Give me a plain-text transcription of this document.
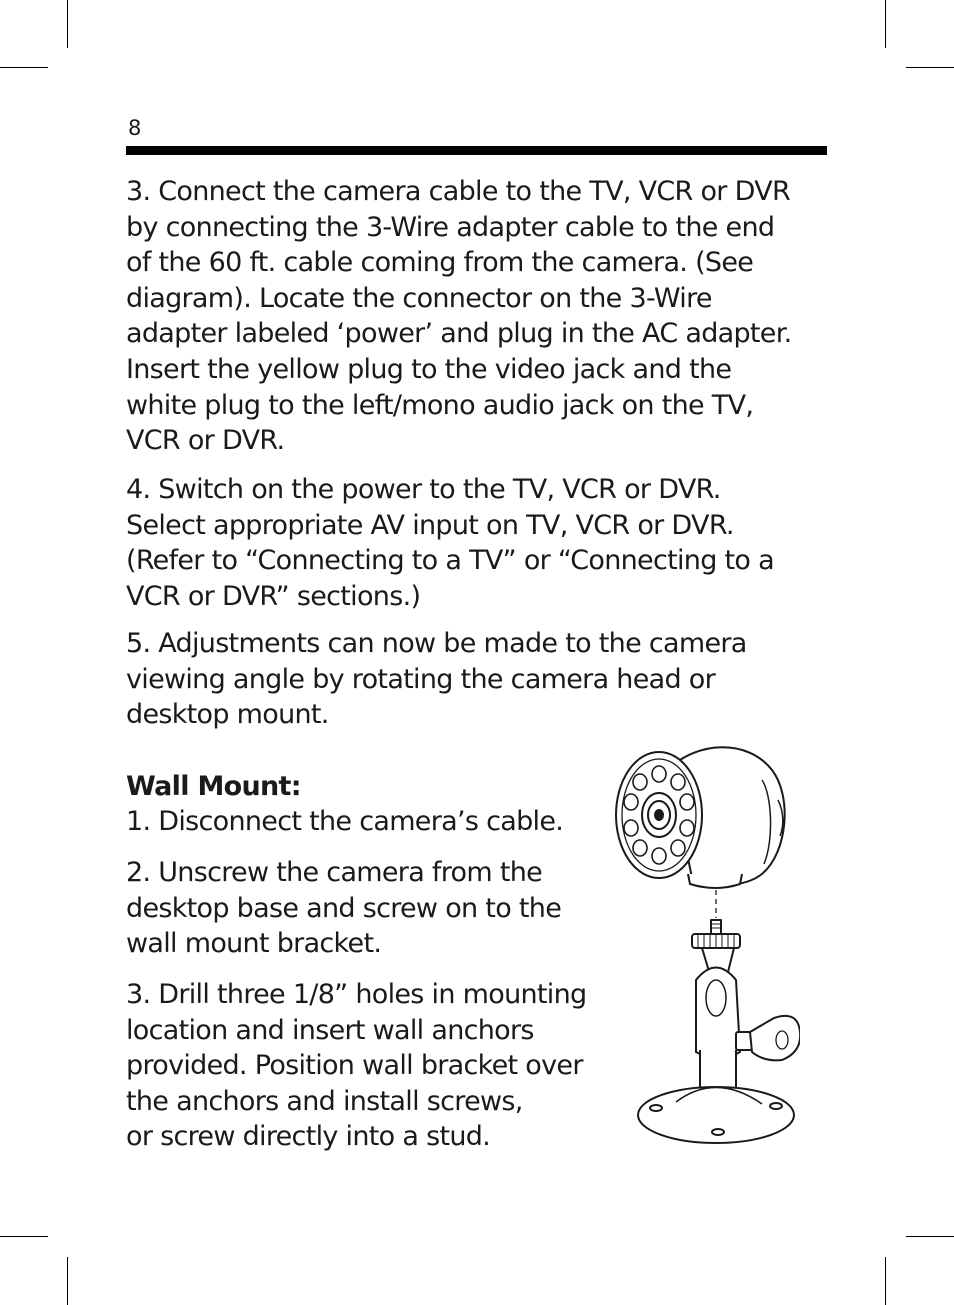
8
3. Connect the camera cable to the TV, VCR or DVR
by connecting the 3-Wire adapter cable to the end
of the 60 ft. cable coming from the camera. (See
diagram). Locate the connector on the 3-Wire
adapter labeled ‘power’ and plug in the AC adapter.
Insert the yellow plug to the video jack and the
white plug to the left/mono audio jack on the TV,
VCR or DVR.
4. Switch on the power to the TV, VCR or DVR.
Select appropriate AV input on TV, VCR or DVR.
(Refer to “Connecting to a TV” or “Connecting to a
VCR or DVR” sections.)
5. Adjustments can now be made to the camera
viewing angle by rotating the camera head or
desktop mount.
Wall Mount:
1. Disconnect the camera’s cable.
2. Unscrew the camera from the
desktop base and screw on to the
wall mount bracket.
3. Drill three 1/8” holes in mounting
location and insert wall anchors
provided. Position wall bracket over
the anchors and install screws,
or screw directly into a stud.
